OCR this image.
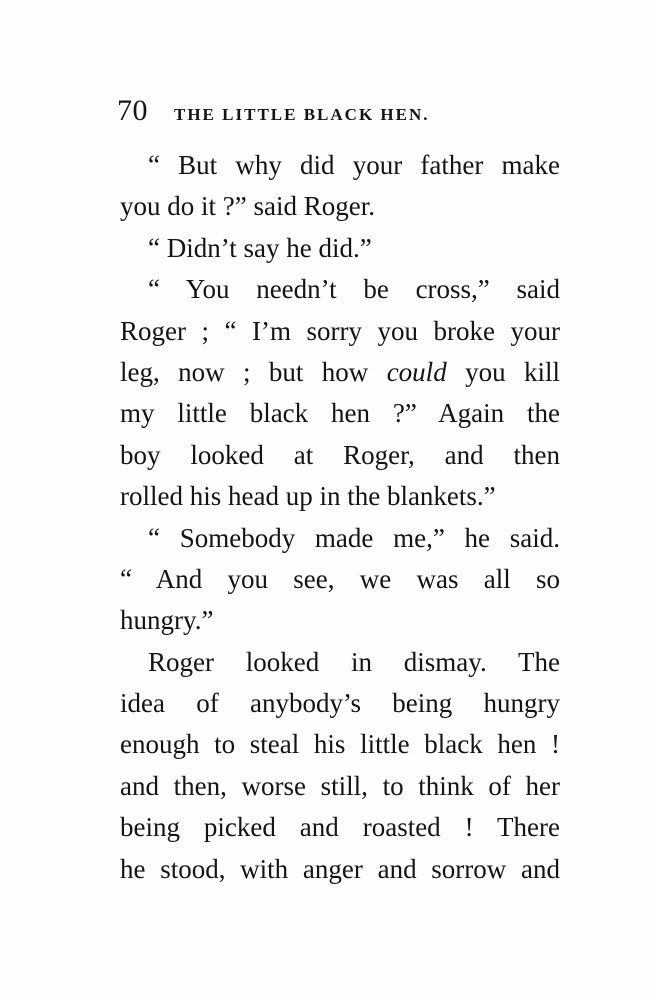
70 THE LITTLE BLACK HEN.
“ But why did your father make
you do it ?” said Roger.
“ Didn’t say he did.”
“ You needn’t be cross,” said
Roger ; “ I’m sorry you broke your
leg, now ; but how could you kill
my little black hen ?” Again the
boy looked at Roger, and then
rolled his head up in the blankets.”
“ Somebody made me,” he said.
“ And you see, we was all so
hungry.”
Roger looked in dismay. The
idea of anybody’s being hungry
enough to steal his little black hen !
and then, worse still, to think of her
being picked and roasted ! There
he stood, with anger and sorrow and
